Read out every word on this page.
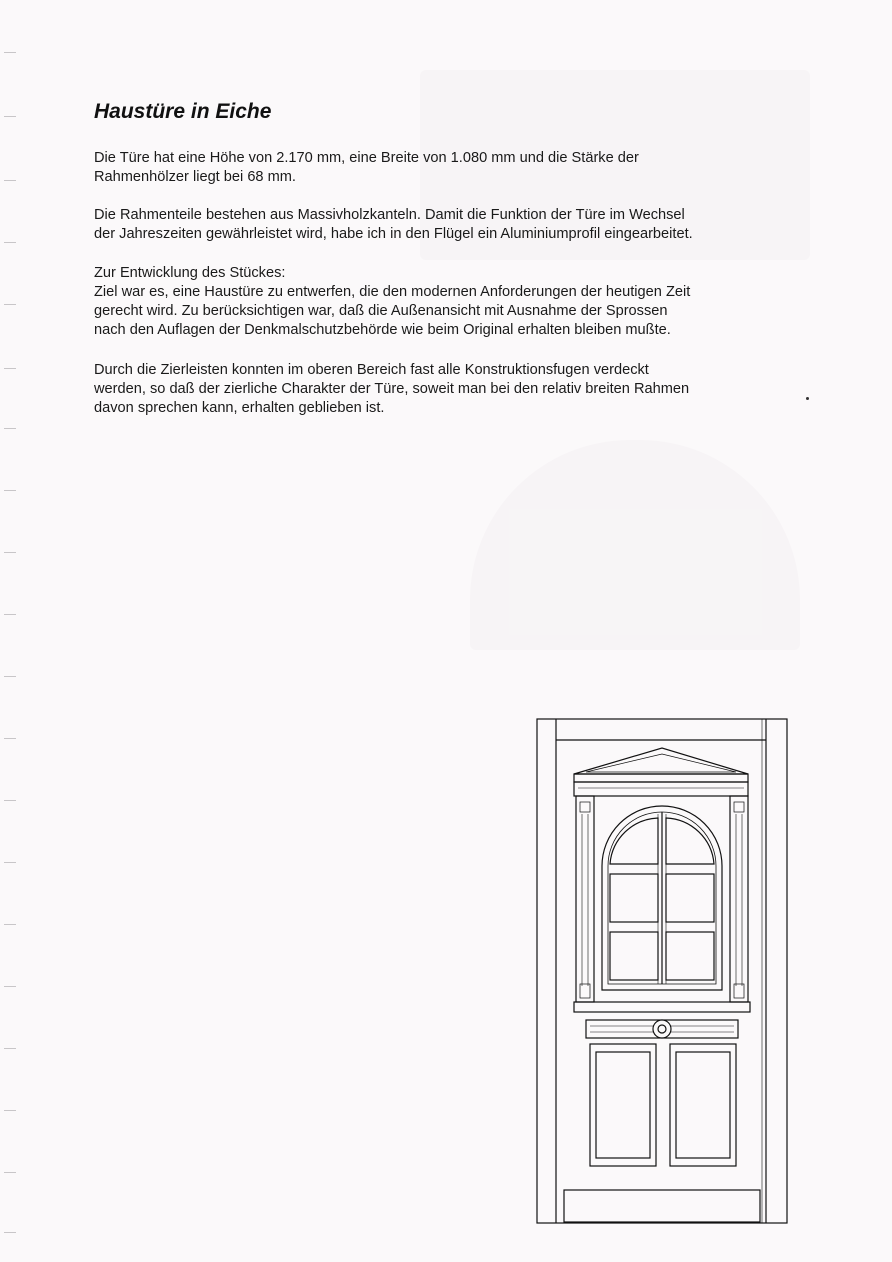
Haustüre in Eiche

Die Türe hat eine Höhe von 2.170 mm, eine Breite von 1.080 mm und die Stärke der
Rahmenhölzer liegt bei 68 mm.

Die Rahmenteile bestehen aus Massivholzkanteln. Damit die Funktion der Türe im Wechsel
der Jahreszeiten gewährleistet wird, habe ich in den Flügel ein Aluminiumprofil eingearbeitet.

Zur Entwicklung des Stückes:
Ziel war es, eine Haustüre zu entwerfen, die den modernen Anforderungen der heutigen Zeit
gerecht wird. Zu berücksichtigen war, daß die Außenansicht mit Ausnahme der Sprossen
nach den Auflagen der Denkmalschutzbehörde wie beim Original erhalten bleiben mußte.

Durch die Zierleisten konnten im oberen Bereich fast alle Konstruktionsfugen verdeckt
werden, so daß der zierliche Charakter der Türe, soweit man bei den relativ breiten Rahmen
davon sprechen kann, erhalten geblieben ist.
